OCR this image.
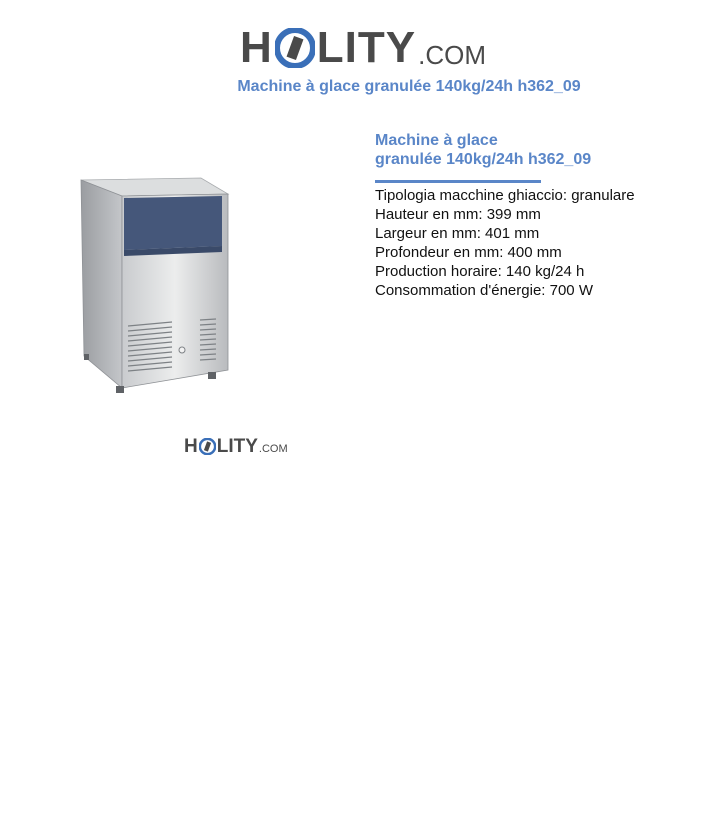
H LITY .COM
Machine à glace granulée 140kg/24h h362_09
H LITY .COM
Machine à glace
granulée 140kg/24h h362_09
Tipologia macchine ghiaccio: granulare
Hauteur en mm: 399 mm
Largeur en mm: 401 mm
Profondeur en mm: 400 mm
Production horaire: 140 kg/24 h
Consommation d'énergie: 700 W
